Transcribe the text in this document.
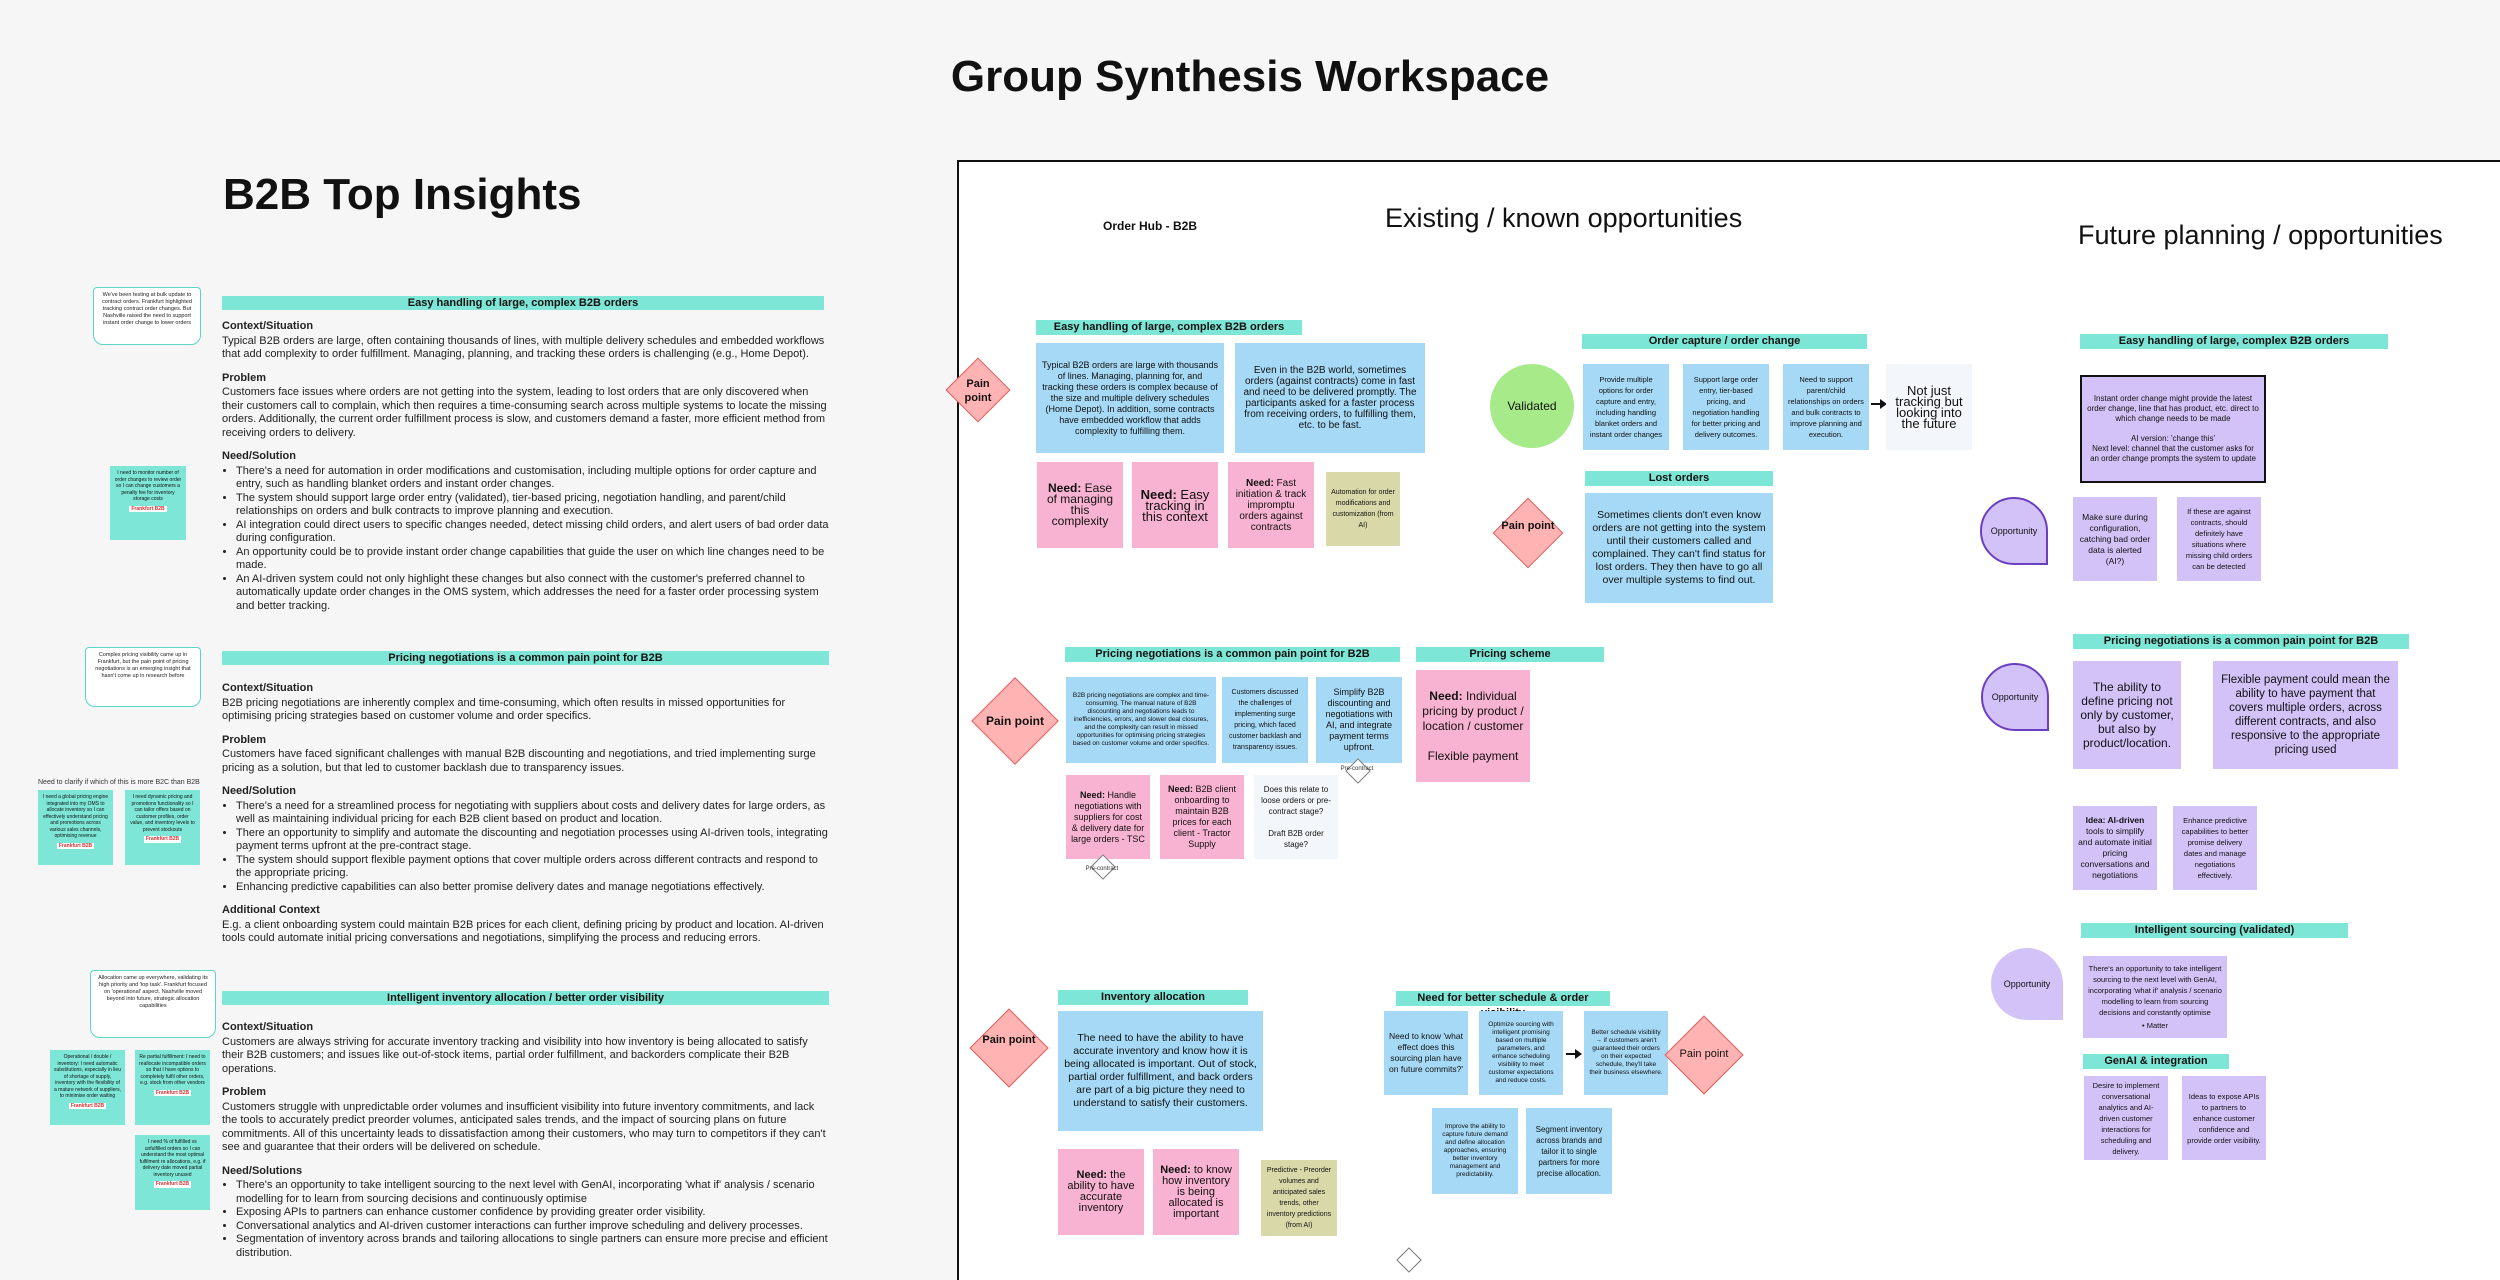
Group Synthesis Workspace
B2B Top Insights
We've been testing at bulk update to contract orders. Frankfurt highlighted tracking contract order changes. But Nashville raised the need to support instant order change to lower orders
Complex pricing visibility came up in Frankfurt, but the pain point of pricing negotiations is an emerging insight that hasn't come up in research before
Allocation came up everywhere, validating its high priority and 'top task'. Frankfurt focused on 'operational' aspect. Nashville moved beyond into future, strategic allocation capabilities
I need to monitor number of order changes to review order so I can change customers a penalty fee for inventory storage costs
Frankfurt B2B
Need to clarify if which of this is more B2C than B2B
I need a global pricing engine integrated into my OMS to allocate inventory so I can effectively understand pricing and promotions across various sales channels, optimising revenue
Frankfurt B2B
I need dynamic pricing and promotions functionality so I can tailor offers based on customer profiles, order value, and inventory levels to prevent stockouts
Frankfurt B2B
Operational / double / inventory: I need automatic substitutions, especially in lieu of shortage of supply, inventory with the flexibility of a mature network of suppliers, to minimise order waiting
Frankfurt B2B
Re partial fulfillment: I need to reallocate incompatible orders so that I have options to completely fulfil other orders, e.g. stock from other vendors
Frankfurt B2B
I need % of fulfilled vs unfulfilled orders so I can understand the most optimal fulfilment re allocations, e.g. if delivery date moved partial inventory unused
Frankfurt B2B
Easy handling of large, complex B2B orders
Context/Situation

Typical B2B orders are large, often containing thousands of lines, with multiple delivery schedules and embedded workflows that add complexity to order fulfillment. Managing, planning, and tracking these orders is challenging (e.g., Home Depot).

Problem

Customers face issues where orders are not getting into the system, leading to lost orders that are only discovered when their customers call to complain, which then requires a time-consuming search across multiple systems to locate the missing orders. Additionally, the current order fulfillment process is slow, and customers demand a faster, more efficient method from receiving orders to delivery.

Need/Solution
• There's a need for automation in order modifications and customisation, including multiple options for order capture and entry, such as handling blanket orders and instant order changes.
• The system should support large order entry (validated), tier-based pricing, negotiation handling, and parent/child relationships on orders and bulk contracts to improve planning and execution.
• AI integration could direct users to specific changes needed, detect missing child orders, and alert users of bad order data during configuration.
• An opportunity could be to provide instant order change capabilities that guide the user on which line changes need to be made.
• An AI-driven system could not only highlight these changes but also connect with the customer's preferred channel to automatically update order changes in the OMS system, which addresses the need for a faster order processing system and better tracking.
Pricing negotiations is a common pain point for B2B
Context/Situation

B2B pricing negotiations are inherently complex and time-consuming, which often results in missed opportunities for optimising pricing strategies based on customer volume and order specifics.

Problem

Customers have faced significant challenges with manual B2B discounting and negotiations, and tried implementing surge pricing as a solution, but that led to customer backlash due to transparency issues.

Need/Solution
• There's a need for a streamlined process for negotiating with suppliers about costs and delivery dates for large orders, as well as maintaining individual pricing for each B2B client based on product and location.
• There an opportunity to simplify and automate the discounting and negotiation processes using AI-driven tools, integrating payment terms upfront at the pre-contract stage.
• The system should support flexible payment options that cover multiple orders across different contracts and respond to the appropriate pricing.
• Enhancing predictive capabilities can also better promise delivery dates and manage negotiations effectively.
Additional Context

E.g. a client onboarding system could maintain B2B prices for each client, defining pricing by product and location. AI-driven tools could automate initial pricing conversations and negotiations, simplifying the process and reducing errors.

Intelligent inventory allocation / better order visibility
Context/Situation

Customers are always striving for accurate inventory tracking and visibility into how inventory is being allocated to satisfy their B2B customers; and issues like out-of-stock items, partial order fulfillment, and backorders complicate their B2B operations.

Problem

Customers struggle with unpredictable order volumes and insufficient visibility into future inventory commitments, and lack the tools to accurately predict preorder volumes, anticipated sales trends, and the impact of sourcing plans on future commitments. All of this uncertainty leads to dissatisfaction among their customers, who may turn to competitors if they can't see and guarantee that their orders will be delivered on schedule.

Need/Solutions
• There's an opportunity to take intelligent sourcing to the next level with GenAI, incorporating 'what if' analysis / scenario modelling for to learn from sourcing decisions and continuously optimise
• Exposing APIs to partners can enhance customer confidence by providing greater order visibility.
• Conversational analytics and AI-driven customer interactions can further improve scheduling and delivery processes.
• Segmentation of inventory across brands and tailoring allocations to single partners can ensure more precise and efficient distribution.
Order Hub - B2B	Existing / known opportunities
Future planning / opportunities
Easy handling of large, complex B2B orders
Pain point
Typical B2B orders are large with thousands of lines. Managing, planning for, and tracking these orders is complex because of the size and multiple delivery schedules (Home Depot). In addition, some contracts have embedded workflow that adds complexity to fulfilling them.
Even in the B2B world, sometimes orders (against contracts) come in fast and need to be delivered promptly. The participants asked for a faster process from receiving orders, to fulfilling them, etc. to be fast.
Need: Ease of managing this complexity
Need: Easy tracking in this context
Need: Fast initiation & track impromptu orders against contracts
Automation for order modifications and customization (from AI)
Validated
Order capture / order change
Provide multiple options for order capture and entry, including handling blanket orders and instant order changes
Support large order entry, tier-based pricing, and negotiation handling for better pricing and delivery outcomes.
Need to support parent/child relationships on orders and bulk contracts to improve planning and execution.
Not just tracking but looking into the future
Lost orders
Pain point
Sometimes clients don't even know orders are not getting into the system until their customers called and complained. They can't find status for lost orders. They then have to go all over multiple systems to find out.
Pricing negotiations is a common pain point for B2B	Pricing scheme
Pain point
B2B pricing negotiations are complex and time-consuming. The manual nature of B2B discounting and negotiations leads to inefficiencies, errors, and slower deal closures, and the complexity can result in missed opportunities for optimising pricing strategies based on customer volume and order specifics.
Customers discussed the challenges of implementing surge pricing, which faced customer backlash and transparency issues.
Simplify B2B discounting and negotiations with AI, and integrate payment terms upfront.
Need: Individual pricing by product / location / customer

Flexible payment
Need: Handle negotiations with suppliers for cost & delivery date for large orders - TSC
Need: B2B client onboarding to maintain B2B prices for each client - Tractor Supply
Does this relate to loose orders or pre-contract stage?

Draft B2B order stage?
Pre-contract
Pre-contract
Inventory allocation
Pain point	The need to have the ability to have accurate inventory and know how it is being allocated is important. Out of stock, partial order fulfillment, and back orders are part of a big picture they need to understand to satisfy their customers.
Need: the ability to have accurate inventory
Need: to know how inventory is being allocated is important
Predictive - Preorder volumes and anticipated sales trends, other inventory predictions (from AI)
Need for better schedule & order
Need to know 'what effect does this sourcing plan have on future commits?'
Optimize sourcing with intelligent promising based on multiple parameters, and enhance scheduling visibility to meet customer expectations and reduce costs.
Better schedule visibility → if customers aren't guaranteed their orders on their expected schedule, they'll take their business elsewhere.
Pain point
Improve the ability to capture future demand and define allocation approaches, ensuring better inventory management and predictability.
Segment inventory across brands and tailor it to single partners for more precise allocation.
Easy handling of large, complex B2B orders
Instant order change might provide the latest order change, line that has product, etc. direct to which change needs to be made

AI version: 'change this'
Next level: channel that the customer asks for an order change prompts the system to update
Opportunity
Make sure during configuration, catching bad order data is alerted (AI?)
If these are against contracts, should definitely have situations where missing child orders can be detected
Pricing negotiations is a common pain point for B2B
Opportunity
The ability to define pricing not only by customer, but also by product/location.
Flexible payment could mean the ability to have payment that covers multiple orders, across different contracts, and also responsive to the appropriate pricing used
Idea: AI-driven tools to simplify and automate initial pricing conversations and negotiations
Enhance predictive capabilities to better promise delivery dates and manage negotiations effectively.
Intelligent sourcing (validated)
Opportunity
There's an opportunity to take intelligent sourcing to the next level with GenAI, incorporating 'what if' analysis / scenario modelling to learn from sourcing decisions and constantly optimise
• Matter
GenAI & integration
Desire to implement conversational analytics and AI-driven customer interactions for scheduling and delivery.
Ideas to expose APIs to partners to enhance customer confidence and provide order visibility.
